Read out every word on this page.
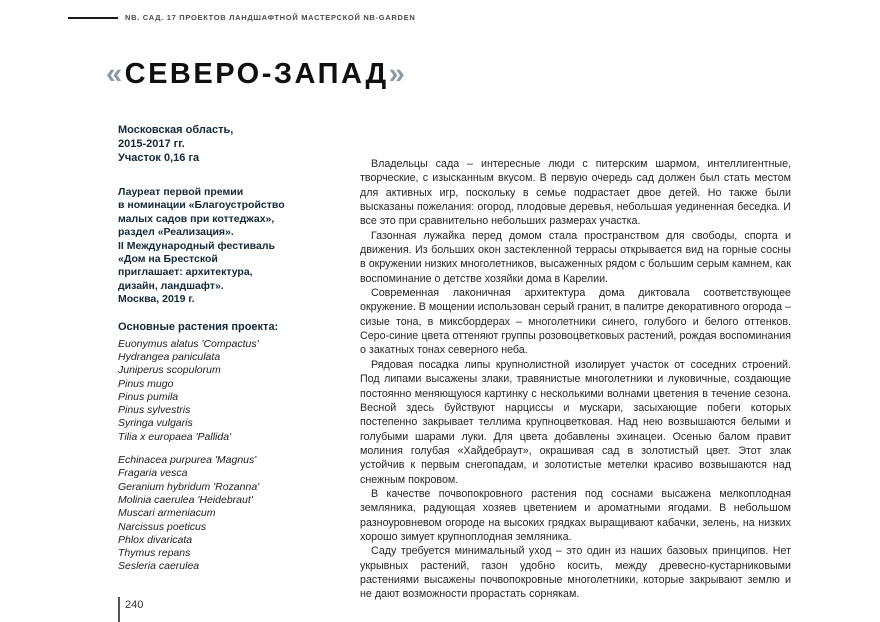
NB. САД. 17 ПРОЕКТОВ ЛАНДШАФТНОЙ МАСТЕРСКОЙ NB-GARDEN
«СЕВЕРО-ЗАПАД»
Московская область,
2015-2017 гг.
Участок 0,16 га
Лауреат первой премии
в номинации «Благоустройство
малых садов при коттеджах»,
раздел «Реализация».
II Международный фестиваль
«Дом на Брестской
приглашает: архитектура,
дизайн, ландшафт».
Москва, 2019 г.
Основные растения проекта:
Euonymus alatus 'Compactus'
Hydrangea paniculata
Juniperus scopulorum
Pinus mugo
Pinus pumila
Pinus sylvestris
Syringa vulgaris
Tilia x europaea 'Pallida'
Echinacea purpurea 'Magnus'
Fragaria vesca
Geranium hybridum 'Rozanna'
Molinia caerulea 'Heidebraut'
Muscari armeniacum
Narcissus poeticus
Phlox divaricata
Thymus repans
Sesleria caerulea

Владельцы сада – интересные люди с питерским шармом, интеллигентные, творческие, с изысканным вкусом. В первую очередь сад должен был стать местом для активных игр, поскольку в семье подрастает двое детей. Но также были высказаны пожелания: огород, плодовые деревья, небольшая уединенная беседка. И все это при сравнительно небольших размерах участка.

Газонная лужайка перед домом стала пространством для свободы, спорта и движения. Из больших окон застекленной террасы открывается вид на горные сосны в окружении низких многолетников, высаженных рядом с большим серым камнем, как воспоминание о детстве хозяйки дома в Карелии.

Современная лаконичная архитектура дома диктовала соответствующее окружение. В мощении использован серый гранит, в палитре декоративного огорода – сизые тона, в миксбордерах – многолетники синего, голубого и белого оттенков. Серо-синие цвета оттеняют группы розовоцветковых растений, рождая воспоминания о закатных тонах северного неба.

Рядовая посадка липы крупнолистной изолирует участок от соседних строений. Под липами высажены злаки, травянистые многолетники и луковичные, создающие постоянно меняющуюся картинку с несколькими волнами цветения в течение сезона. Весной здесь буйствуют нарциссы и мускари, засыхающие побеги которых постепенно закрывает теллима крупноцветковая. Над нею возвышаются белыми и голубыми шарами луки. Для цвета добавлены эхинацеи. Осенью балом правит молиния голубая «Хайдебраут», окрашивая сад в золотистый цвет. Этот злак устойчив к первым снегопадам, и золотистые метелки красиво возвышаются над снежным покровом.

В качестве почвопокровного растения под соснами высажена мелкоплодная земляника, радующая хозяев цветением и ароматными ягодами. В небольшом разноуровневом огороде на высоких грядках выращивают кабачки, зелень, на низких хорошо зимует крупноплодная земляника.

Саду требуется минимальный уход – это один из наших базовых принципов. Нет укрывных растений, газон удобно косить, между древесно-кустарниковыми растениями высажены почвопокровные многолетники, которые закрывают землю и не дают возможности прорастать сорнякам.

240
